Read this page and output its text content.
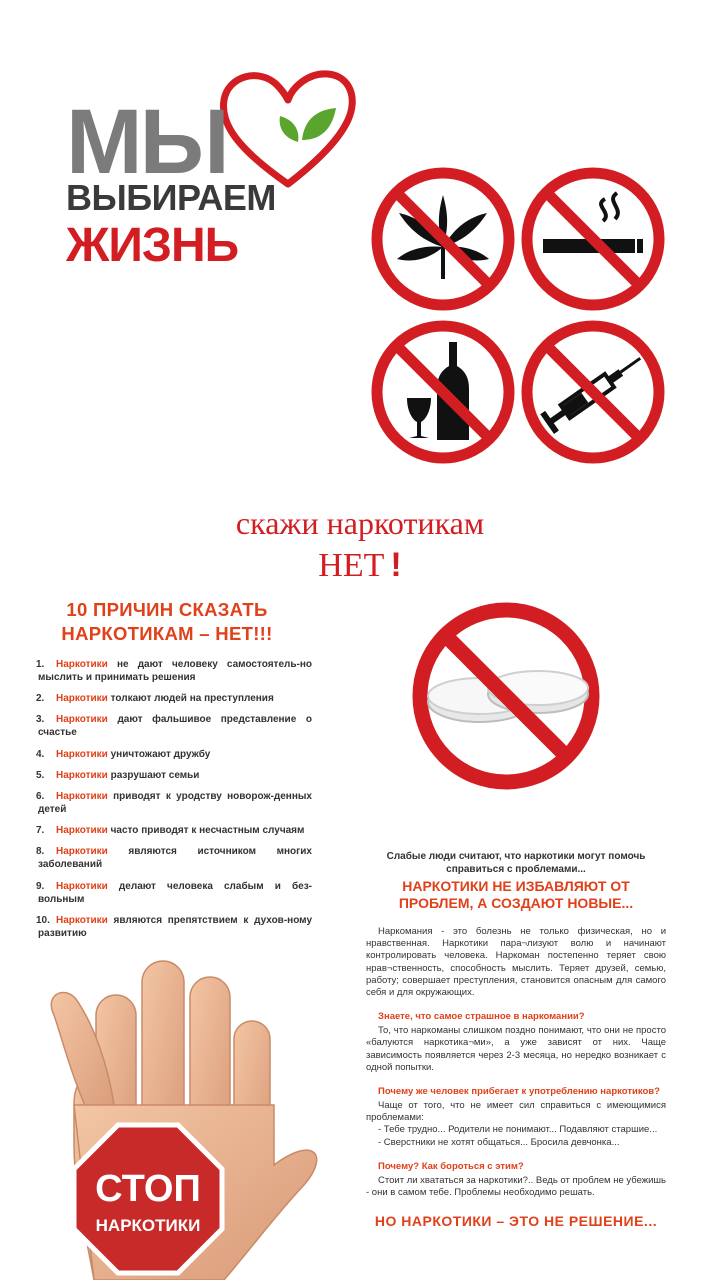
МЫ
ВЫБИРАЕМ
ЖИЗНЬ
скажи наркотикам
НЕТ !
10 ПРИЧИН СКАЗАТЬ
НАРКОТИКАМ – НЕТ!!!
1. Наркотики не дают человеку самостоятель-но мыслить и принимать решения
2. Наркотики толкают людей на преступления
3. Наркотики дают фальшивое представление о счастье
4. Наркотики уничтожают дружбу
5. Наркотики разрушают семьи
6. Наркотики приводят к уродству новорож-денных детей
7. Наркотики часто приводят к несчастным случаям
8. Наркотики являются источником многих заболеваний
9. Наркотики делают человека слабым и без-вольным
10. Наркотики являются препятствием к духов-ному развитию
Слабые люди считают, что наркотики могут помочь справиться с проблемами...
НАРКОТИКИ НЕ ИЗБАВЛЯЮТ ОТ ПРОБЛЕМ, А СОЗДАЮТ НОВЫЕ...

Наркомания - это болезнь не только физическая, но и нравственная. Наркотики пара¬лизуют волю и начинают контролировать человека. Наркоман постепенно теряет свою нрав¬ственность, способность мыслить. Теряет друзей, семью, работу; совершает преступления, становится опасным для самого себя и для окружающих.

Знаете, что самое страшное в наркомании?

То, что наркоманы слишком поздно понимают, что они не просто «балуются наркотика¬ми», а уже зависят от них. Чаще зависимость появляется через 2-3 месяца, но нередко возникает с одной попытки.

Почему же человек прибегает к употреблению наркотиков?

Чаще от того, что не имеет сил справиться с имеющимися проблемами:

- Тебе трудно... Родители не понимают... Подавляют старшие...
- Сверстники не хотят общаться... Бросила девчонка...
Почему? Как бороться с этим?

Стоит ли хвататься за наркотики?.. Ведь от проблем не убежишь - они в самом тебе. Проблемы необходимо решать.

НО НАРКОТИКИ – ЭТО НЕ РЕШЕНИЕ...
СТОП
НАРКОТИКИ
